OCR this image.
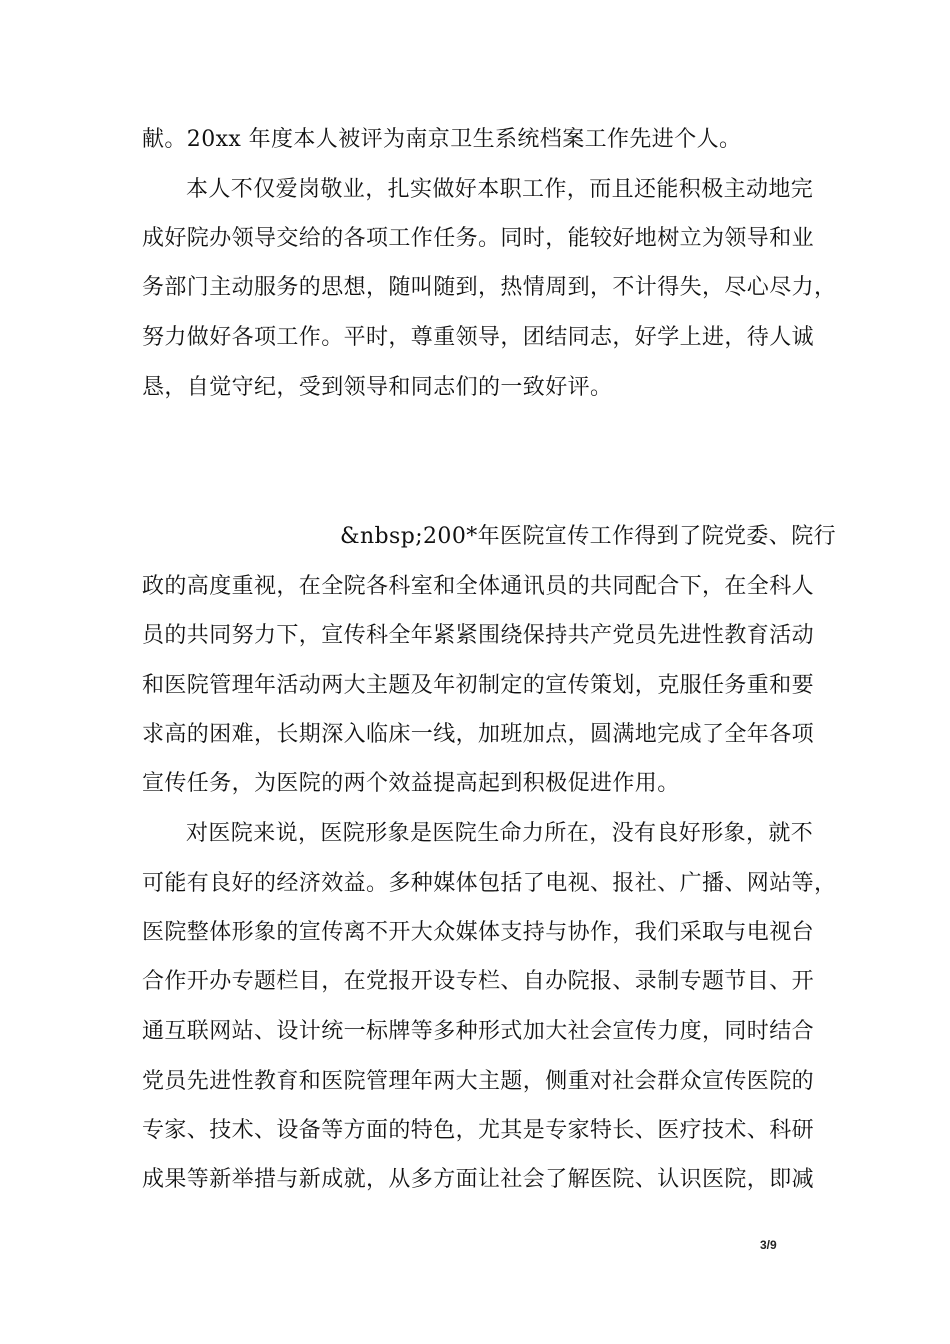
献。20xx 年度本人被评为南京卫生系统档案工作先进个人。
本人不仅爱岗敬业，扎实做好本职工作，而且还能积极主动地完
成好院办领导交给的各项工作任务。同时，能较好地树立为领导和业
务部门主动服务的思想，随叫随到，热情周到，不计得失，尽心尽力，
努力做好各项工作。平时，尊重领导，团结同志，好学上进，待人诚
恳，自觉守纪，受到领导和同志们的一致好评。
&nbsp;200*年医院宣传工作得到了院党委、院行
政的高度重视，在全院各科室和全体通讯员的共同配合下，在全科人
员的共同努力下，宣传科全年紧紧围绕保持共产党员先进性教育活动
和医院管理年活动两大主题及年初制定的宣传策划，克服任务重和要
求高的困难，长期深入临床一线，加班加点，圆满地完成了全年各项
宣传任务，为医院的两个效益提高起到积极促进作用。
对医院来说，医院形象是医院生命力所在，没有良好形象，就不
可能有良好的经济效益。多种媒体包括了电视、报社、广播、网站等，
医院整体形象的宣传离不开大众媒体支持与协作，我们采取与电视台
合作开办专题栏目，在党报开设专栏、自办院报、录制专题节目、开
通互联网站、设计统一标牌等多种形式加大社会宣传力度，同时结合
党员先进性教育和医院管理年两大主题，侧重对社会群众宣传医院的
专家、技术、设备等方面的特色，尤其是专家特长、医疗技术、科研
成果等新举措与新成就，从多方面让社会了解医院、认识医院，即减
3/9
